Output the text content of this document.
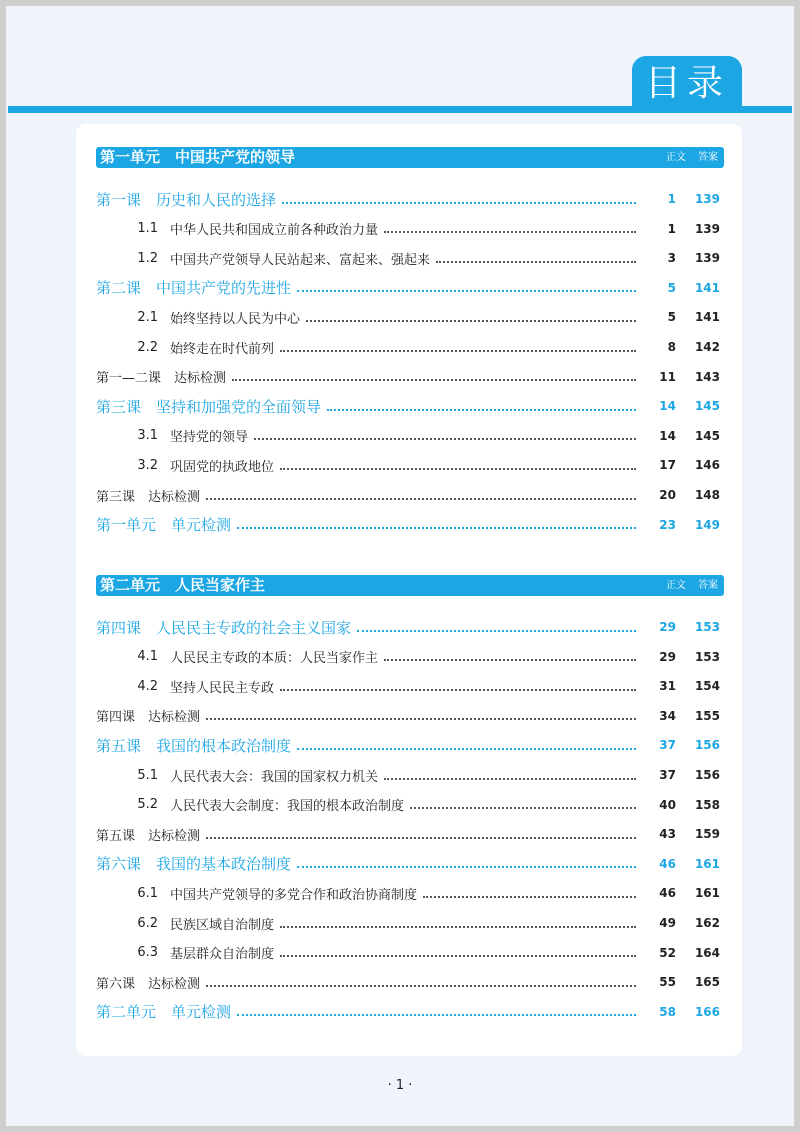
目录
第一单元　中国共产党的领导	正文 答案
第一课　历史和人民的选择	1	139
1.1 中华人民共和国成立前各种政治力量	1	139
1.2 中国共产党领导人民站起来、富起来、强起来	3	139
第二课　中国共产党的先进性	5	141
2.1 始终坚持以人民为中心	5	141
2.2 始终走在时代前列	8	142
第一—二课　达标检测	11	143
第三课　坚持和加强党的全面领导	14	145
3.1 坚持党的领导	14	145
3.2 巩固党的执政地位	17	146
第三课　达标检测	20	148
第一单元　单元检测	23	149
第二单元　人民当家作主	正文 答案
第四课　人民民主专政的社会主义国家	29	153
4.1 人民民主专政的本质：人民当家作主	29	153
4.2 坚持人民民主专政	31	154
第四课　达标检测	34	155
第五课　我国的根本政治制度	37	156
5.1 人民代表大会：我国的国家权力机关	37	156
5.2 人民代表大会制度：我国的根本政治制度	40	158
第五课　达标检测	43	159
第六课　我国的基本政治制度	46	161
6.1 中国共产党领导的多党合作和政治协商制度	46	161
6.2 民族区域自治制度	49	162
6.3 基层群众自治制度	52	164
第六课　达标检测	55	165
第二单元　单元检测	58	166
· 1 ·
